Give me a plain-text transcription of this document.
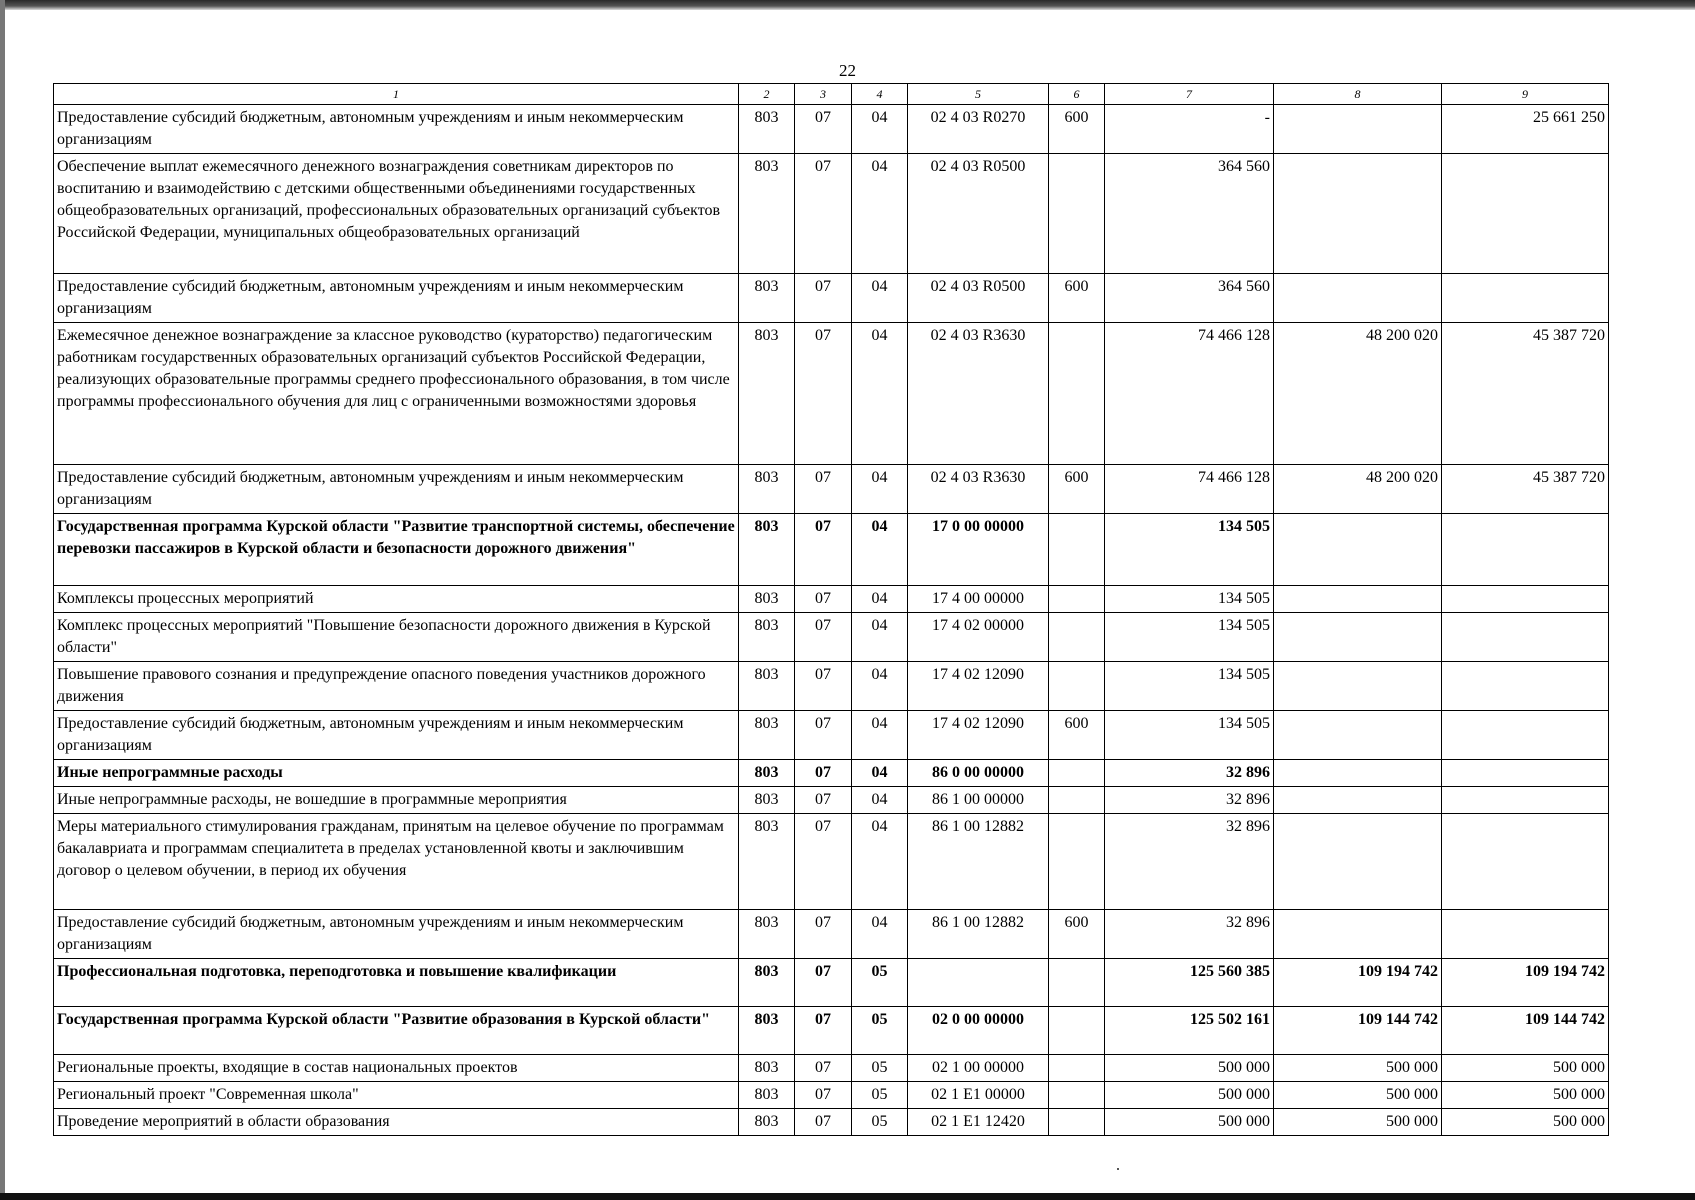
22
1	2	3	4	5	6	7	8	9
Предоставление субсидий бюджетным, автономным учреждениям и иным некоммерческим организациям	803	07	04	02 4 03 R0270	600	-		25 661 250
Обеспечение выплат ежемесячного денежного вознаграждения советникам директоров по воспитанию и взаимодействию с детскими общественными объединениями государственных общеобразовательных организаций, профессиональных образовательных организаций субъектов Российской Федерации, муниципальных общеобразовательных организаций	803	07	04	02 4 03 R0500		364 560		
Предоставление субсидий бюджетным, автономным учреждениям и иным некоммерческим организациям	803	07	04	02 4 03 R0500	600	364 560		
Ежемесячное денежное вознаграждение за классное руководство (кураторство) педагогическим работникам государственных образовательных организаций субъектов Российской Федерации, реализующих образовательные программы среднего профессионального образования, в том числе программы профессионального обучения для лиц с ограниченными возможностями здоровья	803	07	04	02 4 03 R3630		74 466 128	48 200 020	45 387 720
Предоставление субсидий бюджетным, автономным учреждениям и иным некоммерческим организациям	803	07	04	02 4 03 R3630	600	74 466 128	48 200 020	45 387 720
Государственная программа Курской области "Развитие транспортной системы, обеспечение перевозки пассажиров в Курской области и безопасности дорожного движения"	803	07	04	17 0 00 00000		134 505		
Комплексы процессных мероприятий	803	07	04	17 4 00 00000		134 505		
Комплекс процессных мероприятий "Повышение безопасности дорожного движения в Курской области"	803	07	04	17 4 02 00000		134 505		
Повышение правового сознания и предупреждение опасного поведения участников дорожного движения	803	07	04	17 4 02 12090		134 505		
Предоставление субсидий бюджетным, автономным учреждениям и иным некоммерческим организациям	803	07	04	17 4 02 12090	600	134 505		
Иные непрограммные расходы	803	07	04	86 0 00 00000		32 896		
Иные непрограммные расходы, не вошедшие в программные мероприятия	803	07	04	86 1 00 00000		32 896		
Меры материального стимулирования гражданам, принятым на целевое обучение по программам бакалавриата и программам специалитета в пределах установленной квоты и заключившим договор о целевом обучении, в период их обучения	803	07	04	86 1 00 12882		32 896		
Предоставление субсидий бюджетным, автономным учреждениям и иным некоммерческим организациям	803	07	04	86 1 00 12882	600	32 896		
Профессиональная подготовка, переподготовка и повышение квалификации	803	07	05			125 560 385	109 194 742	109 194 742
Государственная программа Курской области "Развитие образования в Курской области"	803	07	05	02 0 00 00000		125 502 161	109 144 742	109 144 742
Региональные проекты, входящие в состав национальных проектов	803	07	05	02 1 00 00000		500 000	500 000	500 000
Региональный проект "Современная школа"	803	07	05	02 1 E1 00000		500 000	500 000	500 000
Проведение мероприятий в области образования	803	07	05	02 1 E1 12420		500 000	500 000	500 000
